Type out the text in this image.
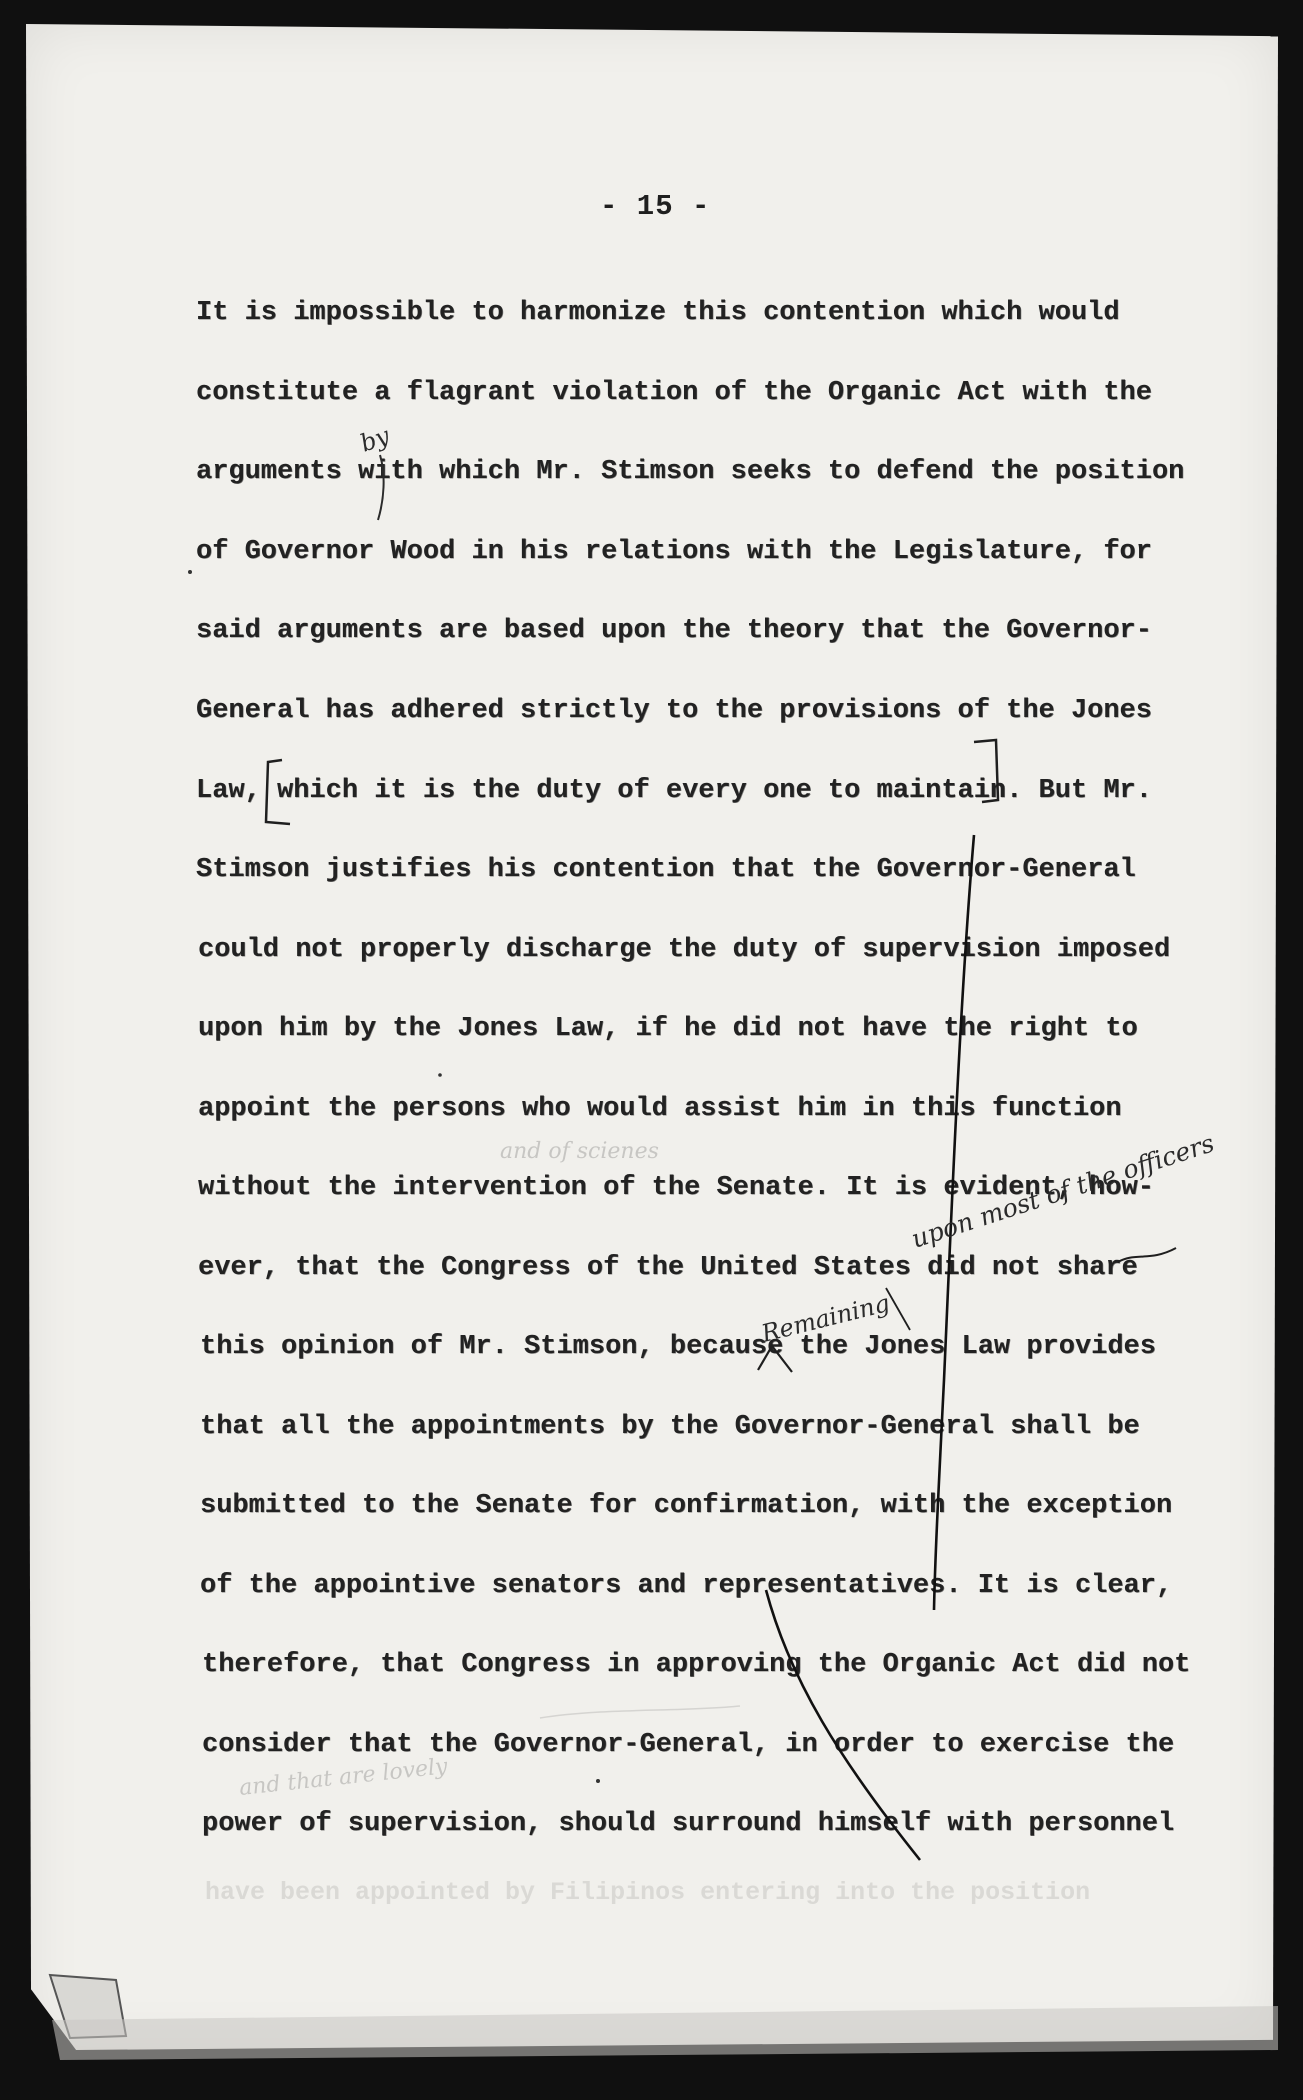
- 15 -
It is impossible to harmonize this contention which would
constitute a flagrant violation of the Organic Act with the
arguments with which Mr. Stimson seeks to defend the position
of Governor Wood in his relations with the Legislature, for
said arguments are based upon the theory that the Governor-
General has adhered strictly to the provisions of the Jones
Law, which it is the duty of every one to maintain. But Mr.
Stimson justifies his contention that the Governor-General
could not properly discharge the duty of supervision imposed
upon him by the Jones Law, if he did not have the right to
appoint the persons who would assist him in this function
without the intervention of the Senate. It is evident, how-
ever, that the Congress of the United States did not share
this opinion of Mr. Stimson, because the Jones Law provides
that all the appointments by the Governor-General shall be
submitted to the Senate for confirmation, with the exception
of the appointive senators and representatives. It is clear,
therefore, that Congress in approving the Organic Act did not
consider that the Governor-General, in order to exercise the
power of supervision, should surround himself with personnel
have been appointed by Filipinos entering into the position
by
Remaining
upon most of the officers
and of scienes
and that are lovely
